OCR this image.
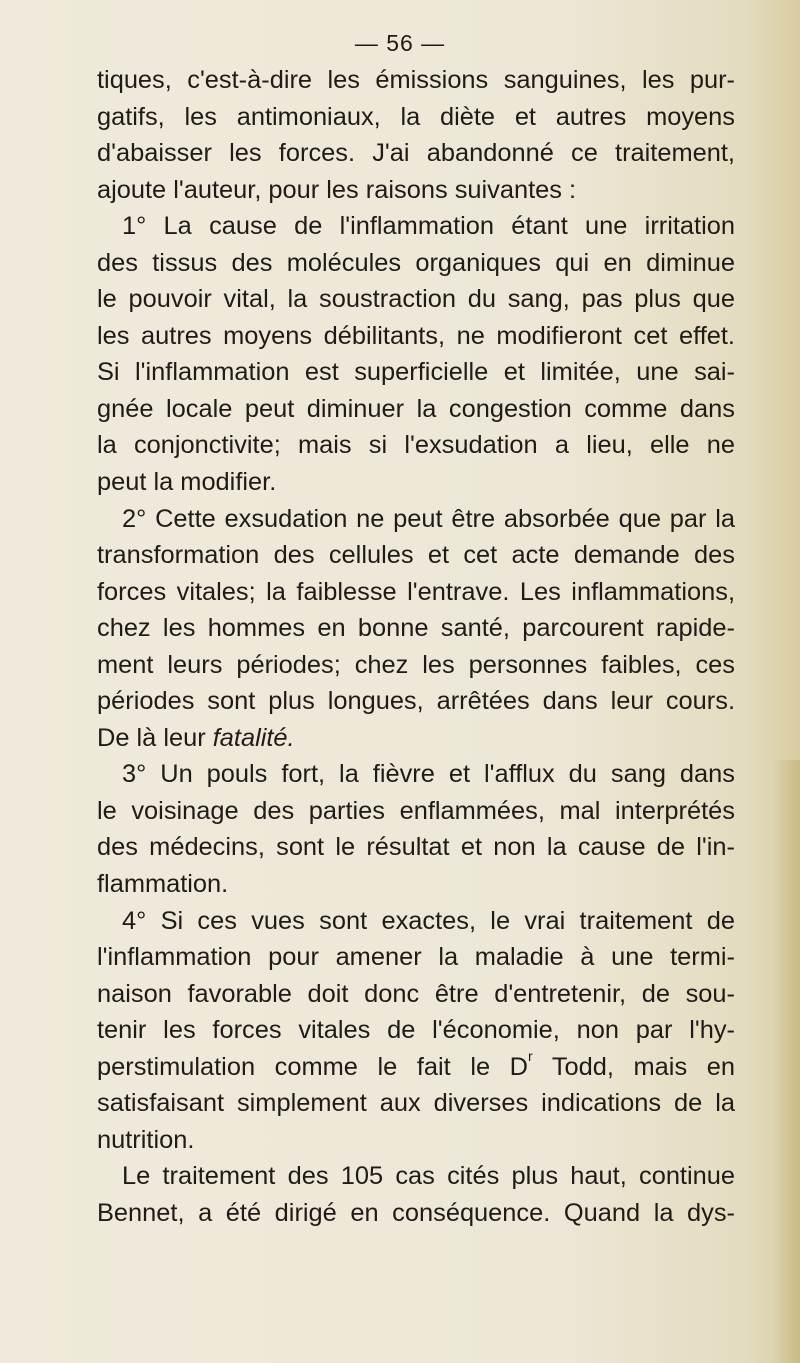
— 56 —
tiques, c'est-à-dire les émissions sanguines, les pur-
gatifs, les antimoniaux, la diète et autres moyens
d'abaisser les forces. J'ai abandonné ce traitement,
ajoute l'auteur, pour les raisons suivantes :
1° La cause de l'inflammation étant une irritation
des tissus des molécules organiques qui en diminue
le pouvoir vital, la soustraction du sang, pas plus que
les autres moyens débilitants, ne modifieront cet effet.
Si l'inflammation est superficielle et limitée, une sai-
gnée locale peut diminuer la congestion comme dans
la conjonctivite; mais si l'exsudation a lieu, elle ne
peut la modifier.
2° Cette exsudation ne peut être absorbée que par la
transformation des cellules et cet acte demande des
forces vitales; la faiblesse l'entrave. Les inflammations,
chez les hommes en bonne santé, parcourent rapide-
ment leurs périodes; chez les personnes faibles, ces
périodes sont plus longues, arrêtées dans leur cours.
De là leur fatalité.
3° Un pouls fort, la fièvre et l'afflux du sang dans
le voisinage des parties enflammées, mal interprétés
des médecins, sont le résultat et non la cause de l'in-
flammation.
4° Si ces vues sont exactes, le vrai traitement de
l'inflammation pour amener la maladie à une termi-
naison favorable doit donc être d'entretenir, de sou-
tenir les forces vitales de l'économie, non par l'hy-
perstimulation comme le fait le $D^r$ Todd, mais en
satisfaisant simplement aux diverses indications de la
nutrition.
Le traitement des 105 cas cités plus haut, continue
Bennet, a été dirigé en conséquence. Quand la dys-
